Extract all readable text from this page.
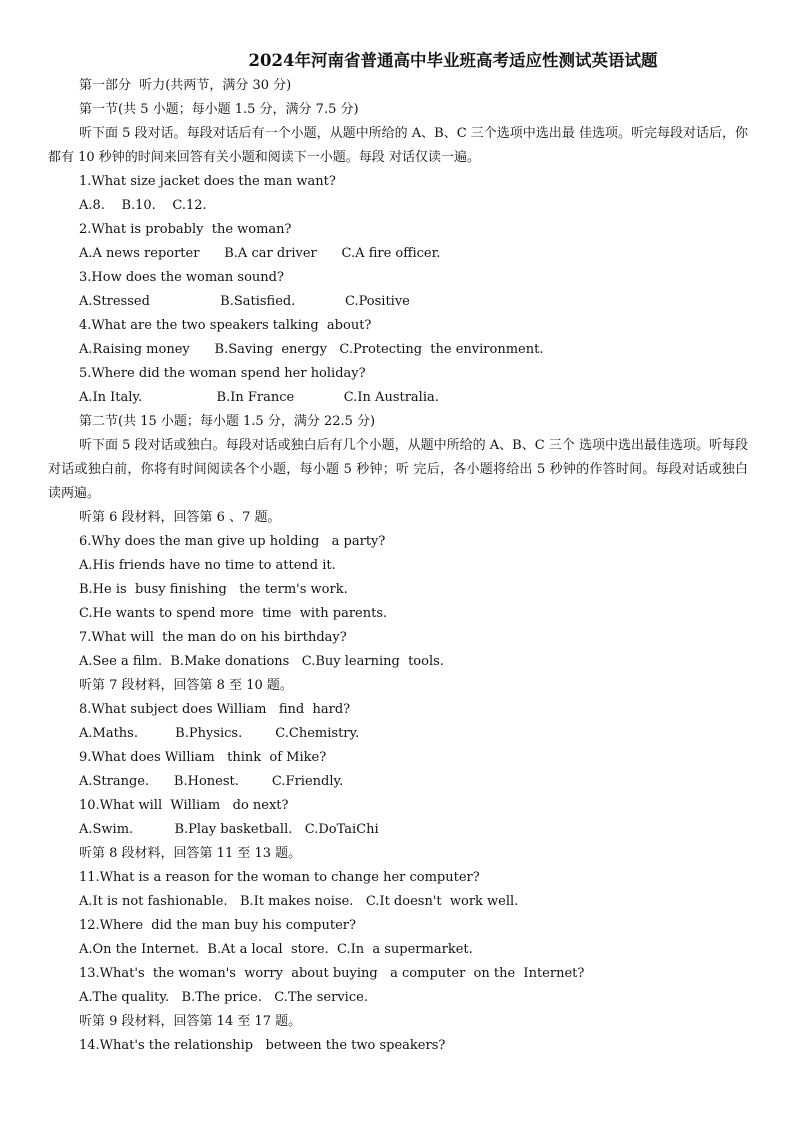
2024年河南省普通高中毕业班高考适应性测试英语试题
第一部分  听力(共两节，满分 30 分)
第一节(共 5 小题；每小题 1.5 分，满分 7.5 分)

听下面 5 段对话。每段对话后有一个小题，从题中所给的 A、B、C 三个选项中选出最 佳选项。听完每段对话后，你都有 10 秒钟的时间来回答有关小题和阅读下一小题。每段 对话仅读一遍。

1.What size jacket does the man want?
A.8.    B.10.    C.12.
2.What is probably  the woman?
A.A news reporter      B.A car driver      C.A fire officer.
3.How does the woman sound?
A.Stressed                 B.Satisfied.            C.Positive
4.What are the two speakers talking  about?
A.Raising money      B.Saving  energy   C.Protecting  the environment.
5.Where did the woman spend her holiday?
A.In Italy.                  B.In France            C.In Australia.
第二节(共 15 小题；每小题 1.5 分，满分 22.5 分)

听下面 5 段对话或独白。每段对话或独白后有几个小题，从题中所给的 A、B、C 三个 选项中选出最佳选项。听每段对话或独白前，你将有时间阅读各个小题，每小题 5 秒钟；听 完后，各小题将给出 5 秒钟的作答时间。每段对话或独白读两遍。

听第 6 段材料，回答第 6 、7 题。
6.Why does the man give up holding   a party?
A.His friends have no time to attend it.
B.He is  busy finishing   the term's work.
C.He wants to spend more  time  with parents.
7.What will  the man do on his birthday?
A.See a film.  B.Make donations   C.Buy learning  tools.
听第 7 段材料，回答第 8 至 10 题。
8.What subject does William   find  hard?
A.Maths.         B.Physics.        C.Chemistry.
9.What does William   think  of Mike?
A.Strange.      B.Honest.        C.Friendly.
10.What will  William   do next?
A.Swim.          B.Play basketball.   C.DoTaiChi
听第 8 段材料，回答第 11 至 13 题。
11.What is a reason for the woman to change her computer?
A.It is not fashionable.   B.It makes noise.   C.It doesn't  work well.
12.Where  did the man buy his computer?
A.On the Internet.  B.At a local  store.  C.In  a supermarket.
13.What's  the woman's  worry  about buying   a computer  on the  Internet?
A.The quality.   B.The price.   C.The service.
听第 9 段材料，回答第 14 至 17 题。
14.What's the relationship   between the two speakers?
